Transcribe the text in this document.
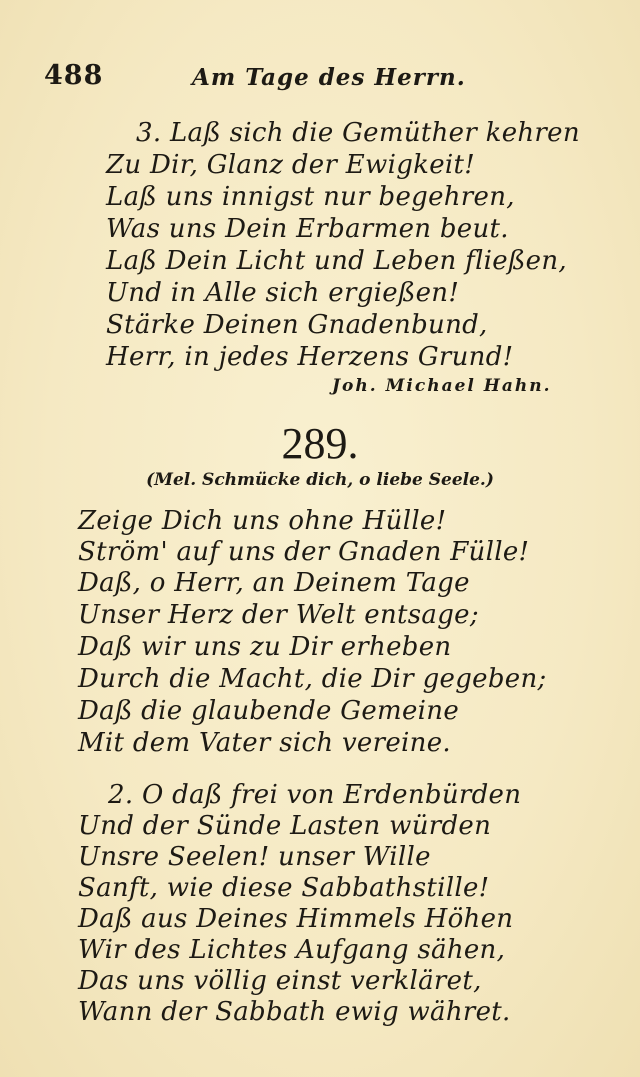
488	Am Tage des Herrn.
3. Laß sich die Gemüther kehren
Zu Dir, Glanz der Ewigkeit!
Laß uns innigst nur begehren,
Was uns Dein Erbarmen beut.
Laß Dein Licht und Leben fließen,
Und in Alle sich ergießen!
Stärke Deinen Gnadenbund,
Herr, in jedes Herzens Grund!
Joh. Michael Hahn.
289.
(Mel. Schmücke dich, o liebe Seele.)
Zeige Dich uns ohne Hülle!
Ström' auf uns der Gnaden Fülle!
Daß, o Herr, an Deinem Tage
Unser Herz der Welt entsage;
Daß wir uns zu Dir erheben
Durch die Macht, die Dir gegeben;
Daß die glaubende Gemeine
Mit dem Vater sich vereine.
2. O daß frei von Erdenbürden
Und der Sünde Lasten würden
Unsre Seelen! unser Wille
Sanft, wie diese Sabbathstille!
Daß aus Deines Himmels Höhen
Wir des Lichtes Aufgang sähen,
Das uns völlig einst verkläret,
Wann der Sabbath ewig währet.
